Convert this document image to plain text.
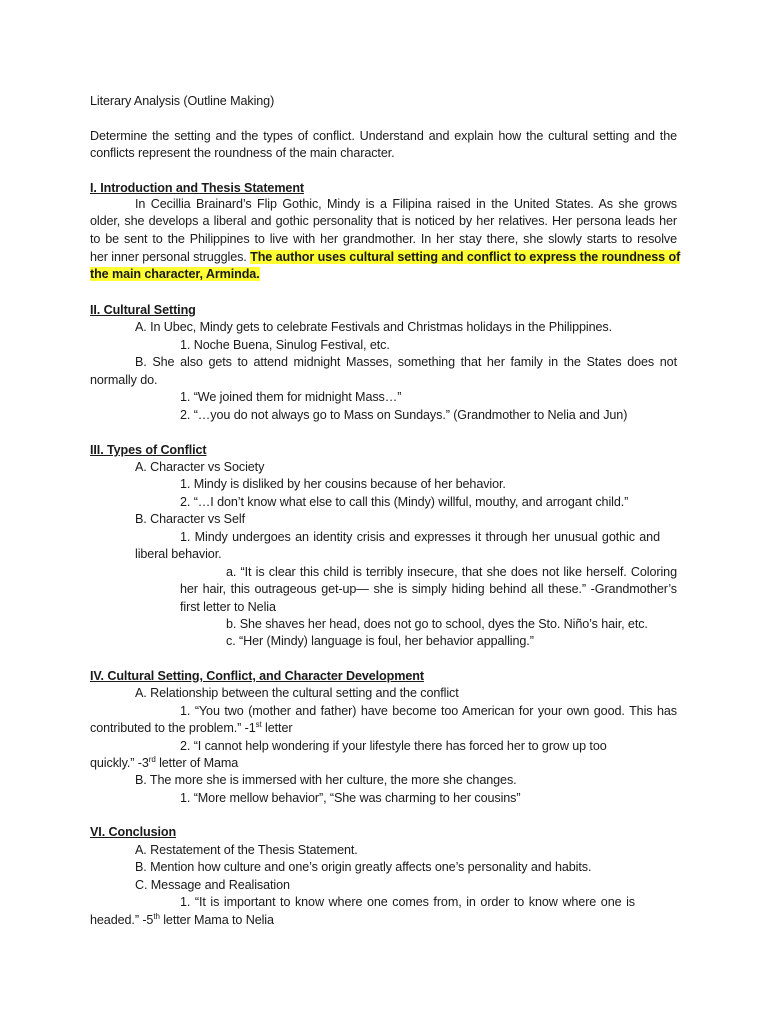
Literary Analysis (Outline Making)
Determine the setting and the types of conflict. Understand and explain how the cultural setting and the
conflicts represent the roundness of the main character.
I. Introduction and Thesis Statement
In Cecillia Brainard’s Flip Gothic, Mindy is a Filipina raised in the United States. As she grows
older, she develops a liberal and gothic personality that is noticed by her relatives. Her persona leads her
to be sent to the Philippines to live with her grandmother. In her stay there, she slowly starts to resolve
her inner personal struggles. The author uses cultural setting and conflict to express the roundness of
the main character, Arminda.
II. Cultural Setting
A. In Ubec, Mindy gets to celebrate Festivals and Christmas holidays in the Philippines.
1. Noche Buena, Sinulog Festival, etc.
B. She also gets to attend midnight Masses, something that her family in the States does not
normally do.
1. “We joined them for midnight Mass…”
2. “…you do not always go to Mass on Sundays.” (Grandmother to Nelia and Jun)
III. Types of Conflict
A. Character vs Society
1. Mindy is disliked by her cousins because of her behavior.
2. “…I don’t know what else to call this (Mindy) willful, mouthy, and arrogant child.”
B. Character vs Self
1. Mindy undergoes an identity crisis and expresses it through her unusual gothic and
liberal behavior.
a. “It is clear this child is terribly insecure, that she does not like herself. Coloring
her hair, this outrageous get-up— she is simply hiding behind all these.” -Grandmother’s
first letter to Nelia
b. She shaves her head, does not go to school, dyes the Sto. Niño’s hair, etc.
c. “Her (Mindy) language is foul, her behavior appalling.”
IV. Cultural Setting, Conflict, and Character Development
A. Relationship between the cultural setting and the conflict
1. “You two (mother and father) have become too American for your own good. This has
contributed to the problem.” -1st letter
2. “I cannot help wondering if your lifestyle there has forced her to grow up too
quickly.” -3rd letter of Mama
B. The more she is immersed with her culture, the more she changes.
1. “More mellow behavior”, “She was charming to her cousins”
VI. Conclusion
A. Restatement of the Thesis Statement.
B. Mention how culture and one’s origin greatly affects one’s personality and habits.
C. Message and Realisation
1. “It is important to know where one comes from, in order to know where one is
headed.” -5th letter Mama to Nelia
